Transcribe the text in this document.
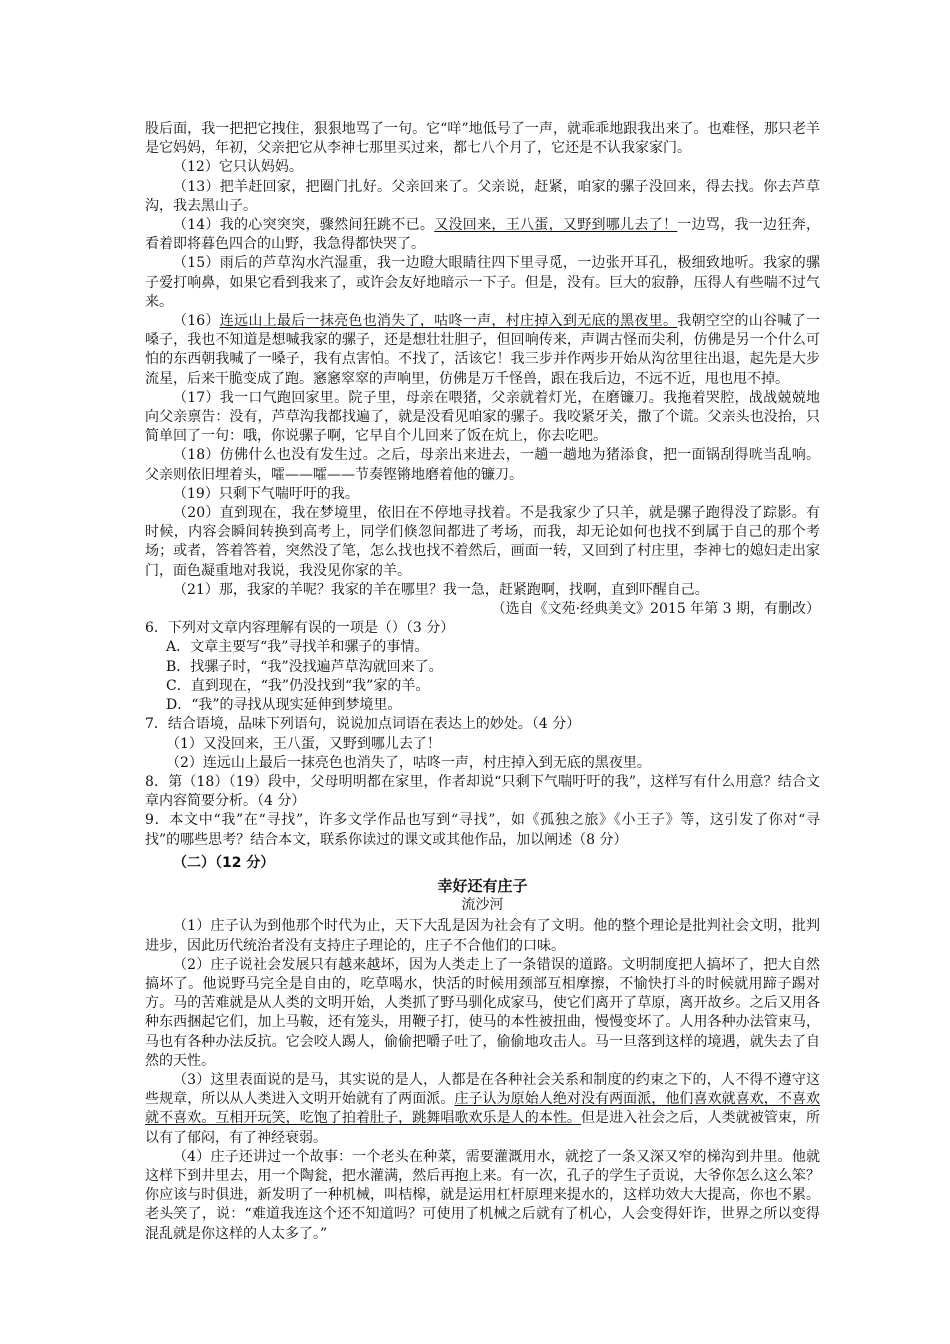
股后面，我一把把它拽住，狠狠地骂了一句。它“咩”地低号了一声，就乖乖地跟我出来了。也难怪，那只老羊是它妈妈，年初，父亲把它从李神七那里买过来，都七八个月了，它还是不认我家家门。

（12）它只认妈妈。

（13）把羊赶回家，把圈门扎好。父亲回来了。父亲说，赶紧，咱家的骡子没回来，得去找。你去芦草沟，我去黑山子。

（14）我的心突突突，骤然间狂跳不已。又没回来，王八蛋，又野到哪儿去了！一边骂，我一边狂奔，看着即将暮色四合的山野，我急得都快哭了。

（15）雨后的芦草沟水汽湿重，我一边瞪大眼睛往四下里寻觅，一边张开耳孔，极细致地听。我家的骡子爱打响鼻，如果它看到我来了，或许会友好地暗示一下子。但是，没有。巨大的寂静，压得人有些喘不过气来。

（16）连远山上最后一抹亮色也消失了，咕咚一声，村庄掉入到无底的黑夜里。我朝空空的山谷喊了一嗓子，我也不知道是想喊我家的骡子，还是想壮壮胆子，但回响传来，声调古怪而尖利，仿佛是另一个什么可怕的东西朝我喊了一嗓子，我有点害怕。不找了，活该它！我三步并作两步开始从沟岔里往出退，起先是大步流星，后来干脆变成了跑。窸窸窣窣的声响里，仿佛是万千怪兽，跟在我后边，不远不近，甩也甩不掉。

（17）我一口气跑回家里。院子里，母亲在喂猪，父亲就着灯光，在磨镰刀。我拖着哭腔，战战兢兢地向父亲禀告：没有，芦草沟我都找遍了，就是没看见咱家的骡子。我咬紧牙关，撒了个谎。父亲头也没抬，只简单回了一句：哦，你说骡子啊，它早自个儿回来了饭在炕上，你去吃吧。

（18）仿佛什么也没有发生过。之后，母亲出来进去，一趟一趟地为猪添食，把一面锅刮得咣当乱响。父亲则依旧埋着头，嚯——嚯——节奏铿锵地磨着他的镰刀。

（19）只剩下气喘吁吁的我。

（20）直到现在，我在梦境里，依旧在不停地寻找着。不是我家少了只羊，就是骡子跑得没了踪影。有时候，内容会瞬间转换到高考上，同学们倏忽间都进了考场，而我，却无论如何也找不到属于自己的那个考场；或者，答着答着，突然没了笔，怎么找也找不着然后，画面一转，又回到了村庄里，李神七的媳妇走出家门，面色凝重地对我说，我没见你家的羊。

（21）那，我家的羊呢？我家的羊在哪里？我一急，赶紧跑啊，找啊，直到吓醒自己。

（选自《文苑·经典美文》2015 年第 3 期，有删改）

6．下列对文章内容理解有误的一项是（）（3 分）

A．文章主要写“我”寻找羊和骡子的事情。

B．找骡子时，“我”没找遍芦草沟就回来了。

C．直到现在，“我”仍没找到“我”家的羊。

D．“我”的寻找从现实延伸到梦境里。

7．结合语境，品味下列语句，说说加点词语在表达上的妙处。（4 分）

（1）又没回来，王八蛋，又野到哪儿去了！

（2）连远山上最后一抹亮色也消失了，咕咚一声，村庄掉入到无底的黑夜里。

8．第（18）（19）段中，父母明明都在家里，作者却说“只剩下气喘吁吁的我”，这样写有什么用意？结合文章内容简要分析。（4 分）

9．本文中“我”在“寻找”，许多文学作品也写到“寻找”，如《孤独之旅》《小王子》等，这引发了你对“寻找”的哪些思考？结合本文，联系你读过的课文或其他作品，加以阐述（8 分）

（二）（12 分）

幸好还有庄子

流沙河

（1）庄子认为到他那个时代为止，天下大乱是因为社会有了文明。他的整个理论是批判社会文明，批判进步，因此历代统治者没有支持庄子理论的，庄子不合他们的口味。

（2）庄子说社会发展只有越来越坏，因为人类走上了一条错误的道路。文明制度把人搞坏了，把大自然搞坏了。他说野马完全是自由的，吃草喝水，快活的时候用颈部互相摩擦，不愉快打斗的时候就用蹄子踢对方。马的苦难就是从人类的文明开始，人类抓了野马驯化成家马，使它们离开了草原，离开故乡。之后又用各种东西捆起它们，加上马鞍，还有笼头，用鞭子打，使马的本性被扭曲，慢慢变坏了。人用各种办法管束马，马也有各种办法反抗。它会咬人踢人，偷偷把嚼子吐了，偷偷地攻击人。马一旦落到这样的境遇，就失去了自然的天性。

（3）这里表面说的是马，其实说的是人，人都是在各种社会关系和制度的约束之下的，人不得不遵守这些规章，所以从人类进入文明开始就有了两面派。庄子认为原始人绝对没有两面派，他们喜欢就喜欢，不喜欢就不喜欢。互相开玩笑，吃饱了拍着肚子，跳舞唱歌欢乐是人的本性。但是进入社会之后，人类就被管束，所以有了郁闷，有了神经衰弱。

（4）庄子还讲过一个故事：一个老头在种菜，需要灌溉用水，就挖了一条又深又窄的梯沟到井里。他就这样下到井里去，用一个陶瓮，把水灌满，然后再抱上来。有一次，孔子的学生子贡说，大爷你怎么这么笨？你应该与时俱进，新发明了一种机械，叫桔槔，就是运用杠杆原理来提水的，这样功效大大提高，你也不累。老头笑了，说：“难道我连这个还不知道吗？可使用了机械之后就有了机心，人会变得奸诈，世界之所以变得混乱就是你这样的人太多了。”
